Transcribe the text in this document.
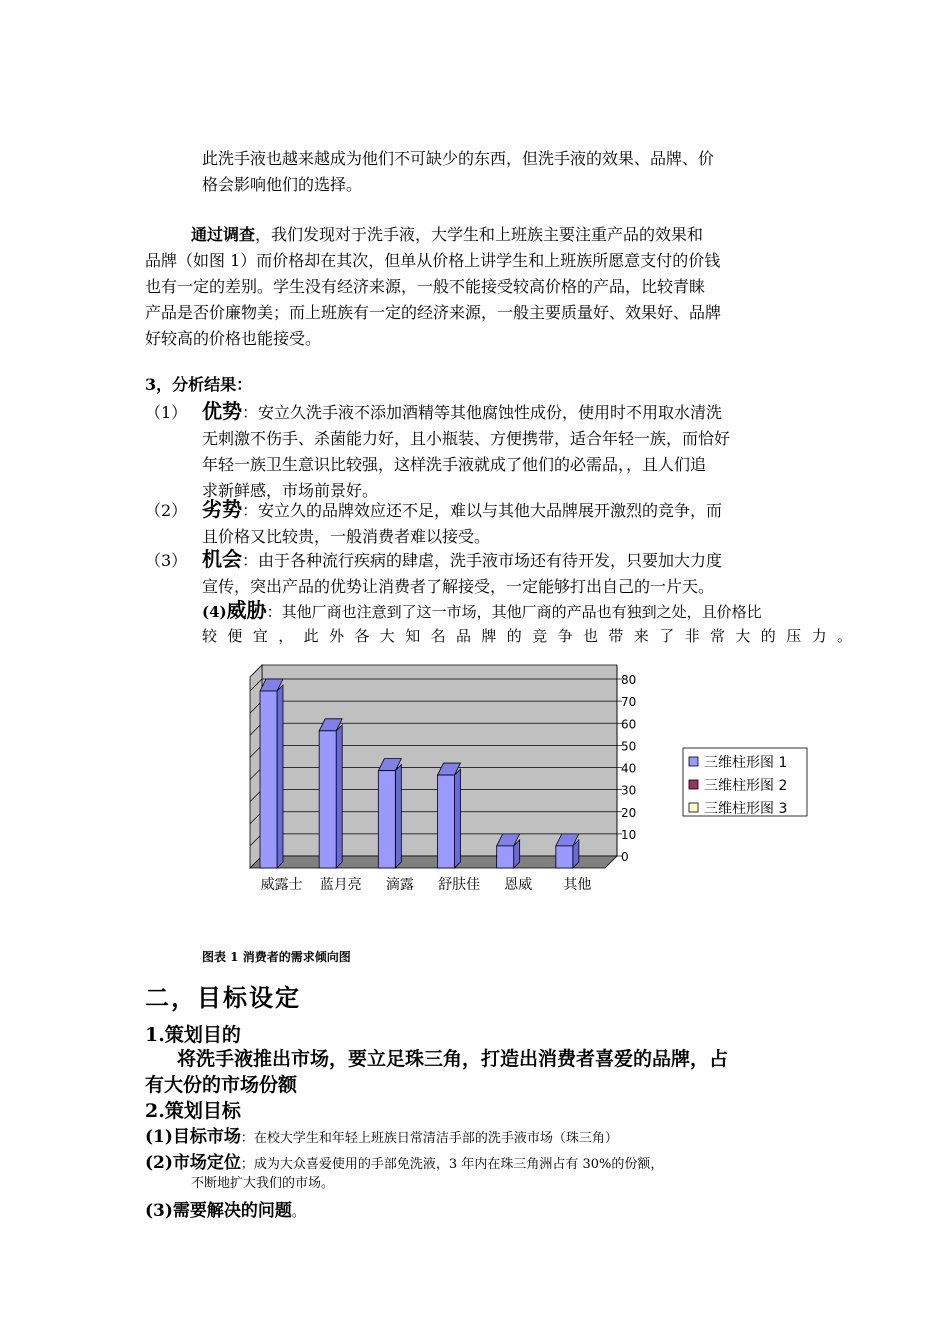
此洗手液也越来越成为他们不可缺少的东西，但洗手液的效果、品牌、价
格会影响他们的选择。
通过调查，我们发现对于洗手液，大学生和上班族主要注重产品的效果和
品牌（如图 1）而价格却在其次，但单从价格上讲学生和上班族所愿意支付的价钱
也有一定的差别。学生没有经济来源，一般不能接受较高价格的产品，比较青睐
产品是否价廉物美；而上班族有一定的经济来源，一般主要质量好、效果好、品牌
好较高的价格也能接受。
3，分析结果：
（1） 优势：安立久洗手液不添加酒精等其他腐蚀性成份，使用时不用取水清洗
无刺激不伤手、杀菌能力好，且小瓶装、方便携带，适合年轻一族，而恰好
年轻一族卫生意识比较强，这样洗手液就成了他们的必需品，，且人们追
求新鲜感，市场前景好。
（2） 劣势：安立久的品牌效应还不足，难以与其他大品牌展开激烈的竞争，而
且价格又比较贵，一般消费者难以接受。
（3） 机会：由于各种流行疾病的肆虐，洗手液市场还有待开发，只要加大力度
宣传，突出产品的优势让消费者了解接受，一定能够打出自己的一片天。
(4)威胁：其他厂商也注意到了这一市场，其他厂商的产品也有独到之处，且价格比
较便宜，此外各大知名品牌的竞争也带来了非常大的压力。
0
10
20
30
40
50
60
70
80
威露士 蓝月亮 滴露 舒肤佳 恩威 其他
三维柱形图 1
三维柱形图 2
三维柱形图 3
图表 1 消费者的需求倾向图
二，目标设定
1.策划目的
将洗手液推出市场，要立足珠三角，打造出消费者喜爱的品牌，占
有大份的市场份额
2.策划目标
(1)目标市场：在校大学生和年轻上班族日常清洁手部的洗手液市场（珠三角）
(2)市场定位；成为大众喜爱使用的手部免洗液，3 年内在珠三角洲占有 30%的份额，
不断地扩大我们的市场。
(3)需要解决的问题。
